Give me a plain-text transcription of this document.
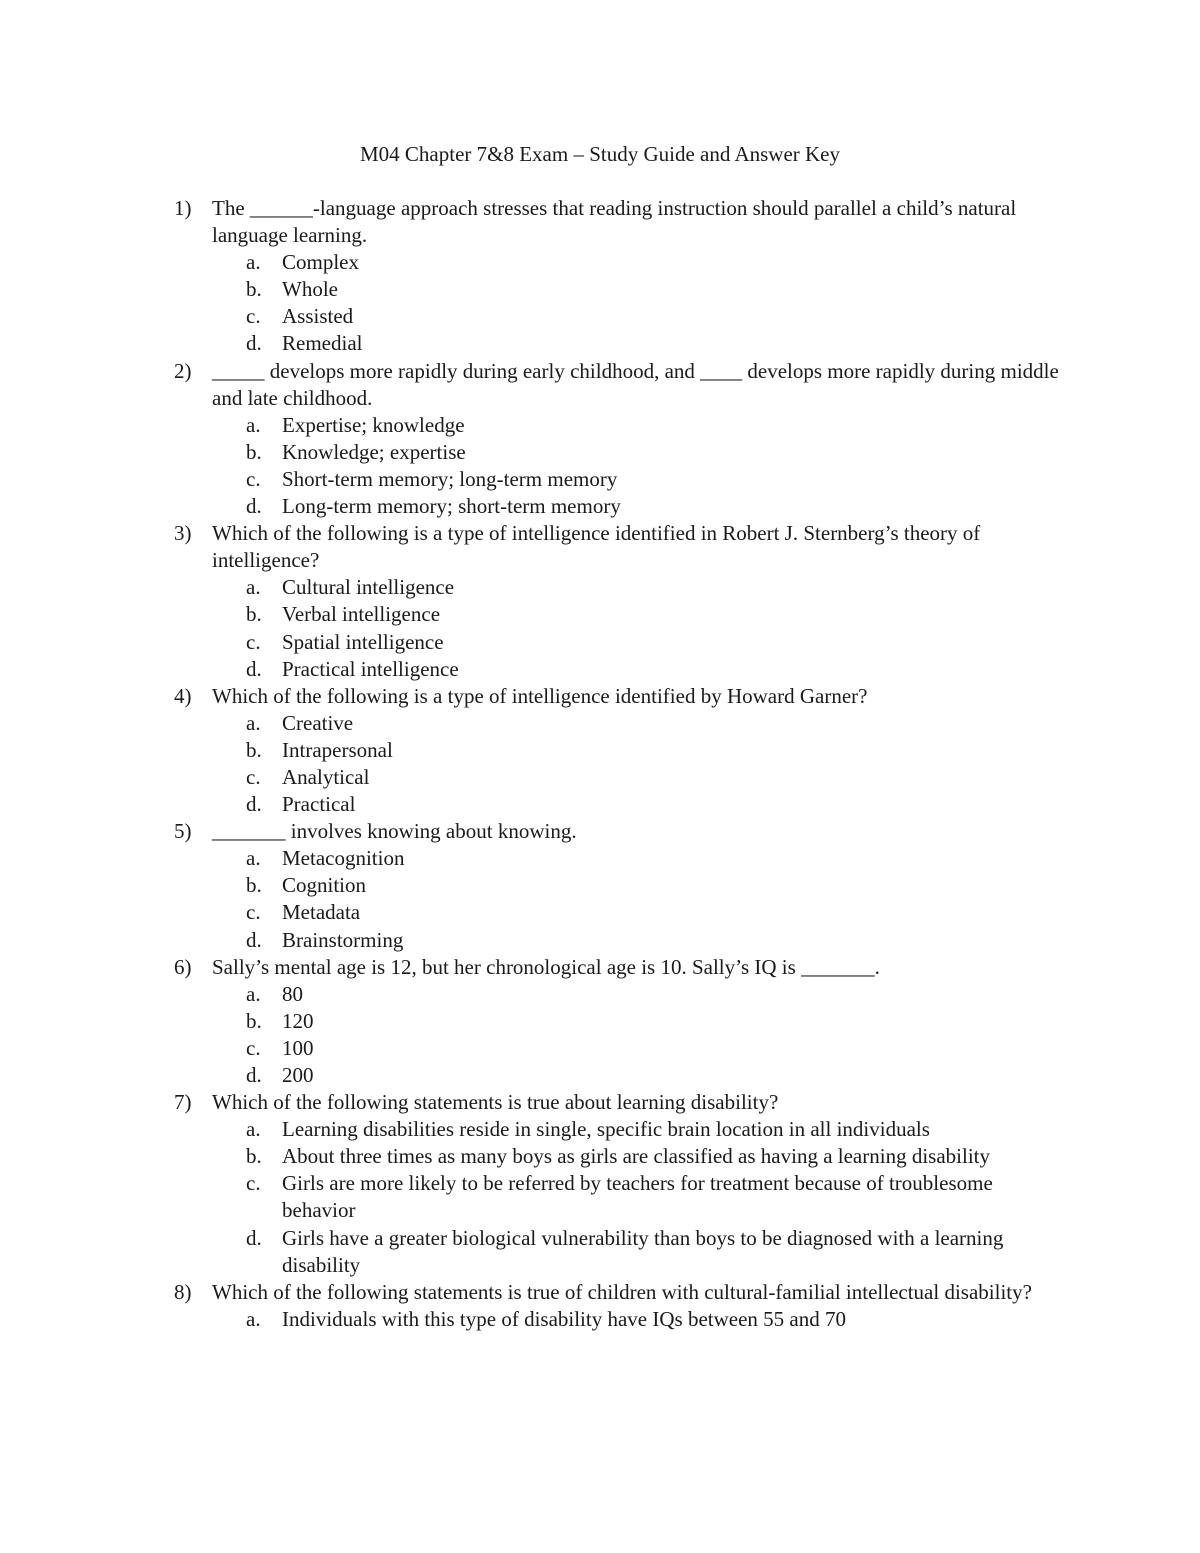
M04 Chapter 7&8 Exam – Study Guide and Answer Key
1) The ______-language approach stresses that reading instruction should parallel a child’s natural language learning.
a.	Complex
b. Whole
c.	Assisted
d. Remedial
2) _____ develops more rapidly during early childhood, and ____ develops more rapidly during middle and late childhood.
a.	Expertise; knowledge
b. Knowledge; expertise
c.	Short-term memory; long-term memory
d. Long-term memory; short-term memory
3) Which of the following is a type of intelligence identified in Robert J. Sternberg’s theory of intelligence?
a.	Cultural intelligence
b. Verbal intelligence
c.	Spatial intelligence
d. Practical intelligence
4) Which of the following is a type of intelligence identified by Howard Garner?
a.	Creative
b. Intrapersonal
c.	Analytical
d. Practical
5) _______ involves knowing about knowing.
a.	Metacognition
b. Cognition
c.	Metadata
d. Brainstorming
6) Sally’s mental age is 12, but her chronological age is 10. Sally’s IQ is _______.
a.	80
b. 120
c.	100
d. 200
7) Which of the following statements is true about learning disability?
a.	Learning disabilities reside in single, specific brain location in all individuals
b. About three times as many boys as girls are classified as having a learning disability
c.	Girls are more likely to be referred by teachers for treatment because of troublesome behavior
d. Girls have a greater biological vulnerability than boys to be diagnosed with a learning disability
8) Which of the following statements is true of children with cultural-familial intellectual disability?
a.	Individuals with this type of disability have IQs between 55 and 70
